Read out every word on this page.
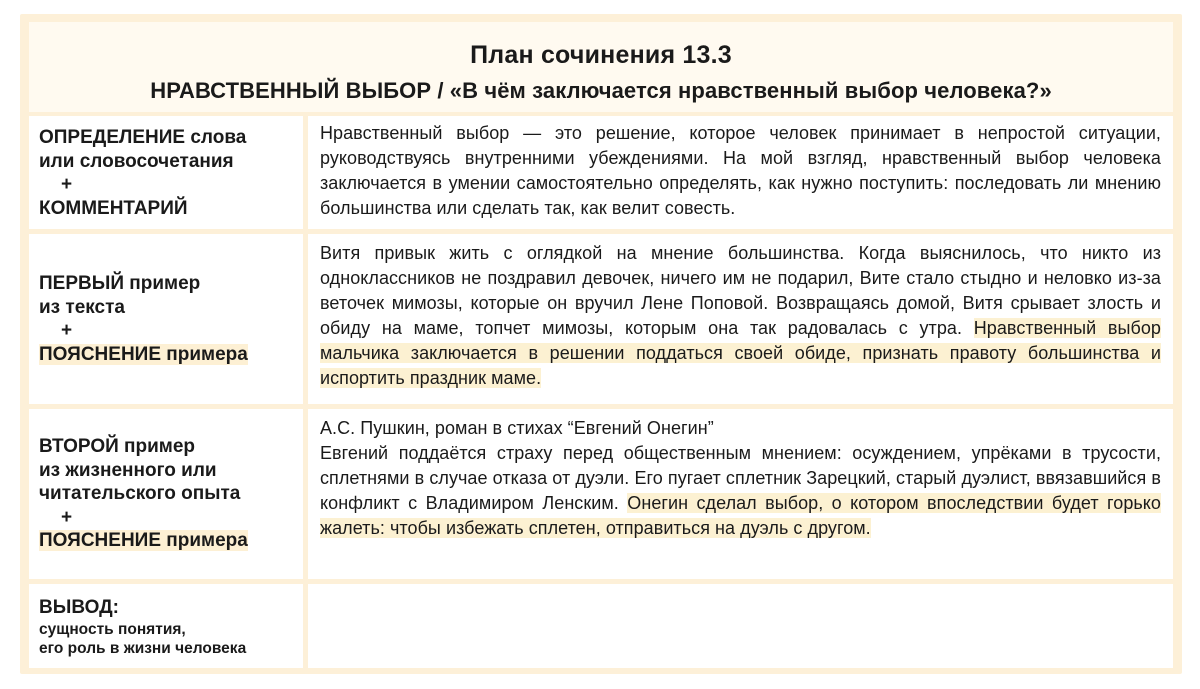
План сочинения 13.3
НРАВСТВЕННЫЙ ВЫБОР / «В чём заключается нравственный выбор человека?»
ОПРЕДЕЛЕНИЕ слова
или словосочетания
+
КОММЕНТАРИЙ
Нравственный выбор — это решение, которое человек принимает в непростой ситуации, руководствуясь внутренними убеждениями. На мой взгляд, нравственный выбор человека заключается в умении самостоятельно определять, как нужно поступить: последовать ли мнению большинства или сделать так, как велит совесть.
ПЕРВЫЙ пример
из текста
+
ПОЯСНЕНИЕ примера
Витя привык жить с оглядкой на мнение большинства. Когда выяснилось, что никто из одноклассников не поздравил девочек, ничего им не подарил, Вите стало стыдно и неловко из-за веточек мимозы, которые он вручил Лене Поповой. Возвращаясь домой, Витя срывает злость и обиду на маме, топчет мимозы, которым она так радовалась с утра. Нравственный выбор мальчика заключается в решении поддаться своей обиде, признать правоту большинства и испортить праздник маме.
ВТОРОЙ пример
из жизненного или
читательского опыта
+
ПОЯСНЕНИЕ примера
А.С. Пушкин, роман в стихах “Евгений Онегин”
Евгений поддаётся страху перед общественным мнением: осуждением, упрёками в трусости, сплетнями в случае отказа от дуэли. Его пугает сплетник Зарецкий, старый дуэлист, ввязавшийся в конфликт с Владимиром Ленским. Онегин сделал выбор, о котором впоследствии будет горько жалеть: чтобы избежать сплетен, отправиться на дуэль с другом.
ВЫВОД:
сущность понятия,
его роль в жизни человека
